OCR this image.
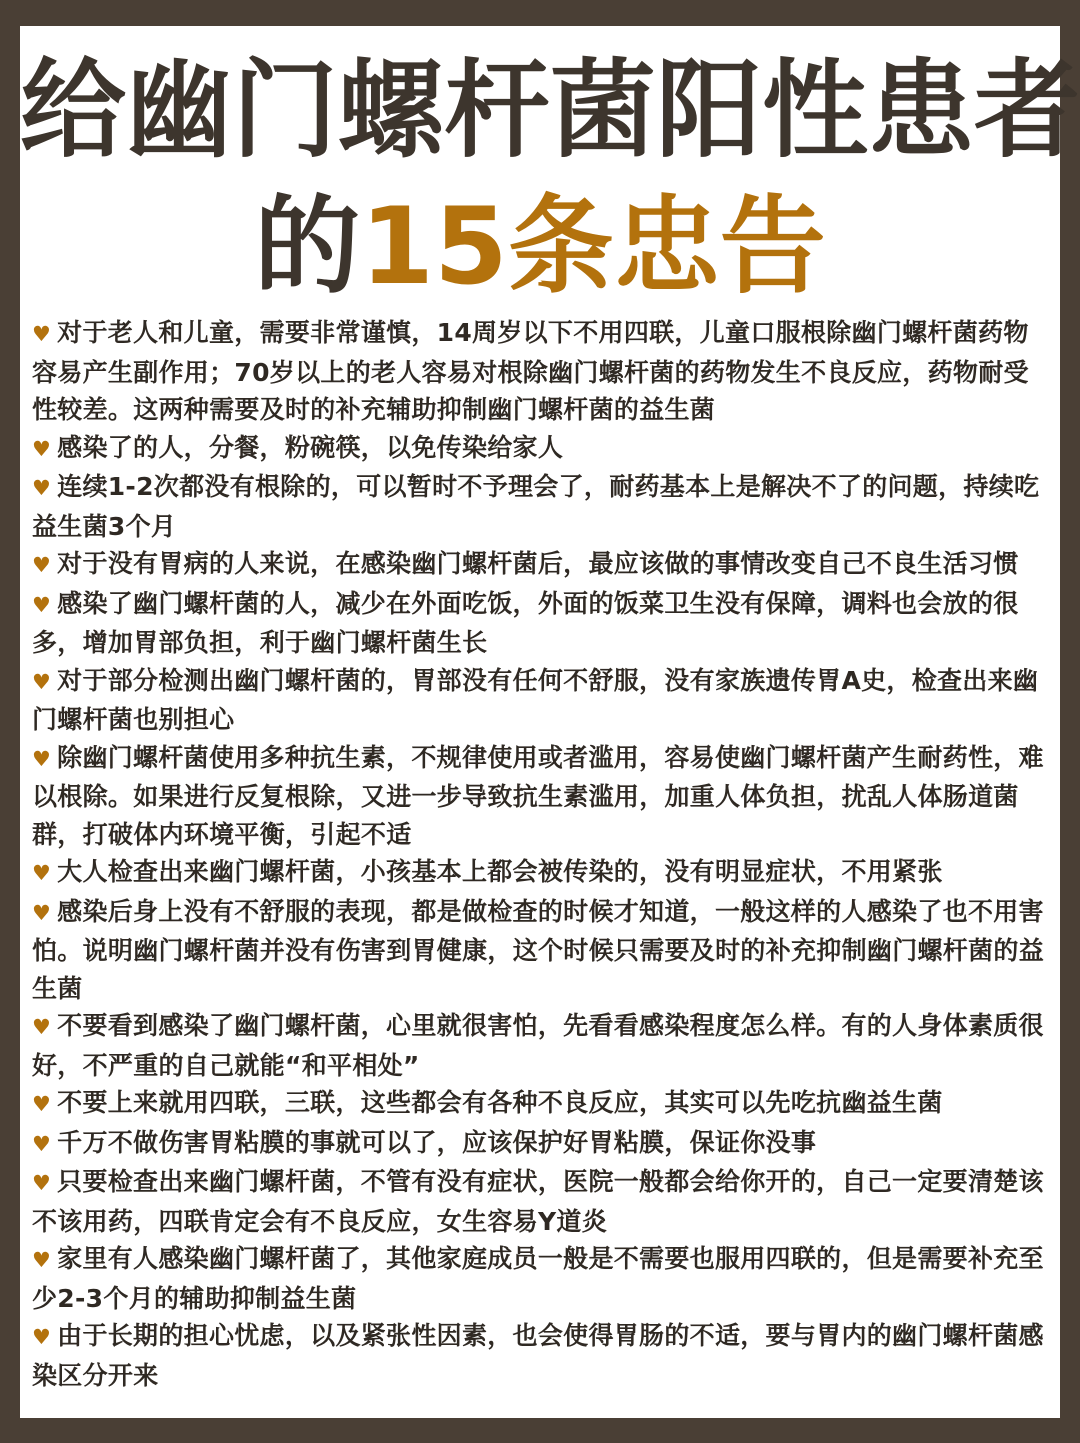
给幽门螺杆菌阳性患者
的15条忠告
♥ 对于老人和儿童，需要非常谨慎，14周岁以下不用四联，儿童口服根除幽门螺杆菌药物容易产生副作用；70岁以上的老人容易对根除幽门螺杆菌的药物发生不良反应，药物耐受性较差。这两种需要及时的补充辅助抑制幽门螺杆菌的益生菌
♥ 感染了的人，分餐，粉碗筷，以免传染给家人
♥ 连续1-2次都没有根除的，可以暂时不予理会了，耐药基本上是解决不了的问题，持续吃益生菌3个月
♥ 对于没有胃病的人来说，在感染幽门螺杆菌后，最应该做的事情改变自己不良生活习惯
♥ 感染了幽门螺杆菌的人，减少在外面吃饭，外面的饭菜卫生没有保障，调料也会放的很多，增加胃部负担，利于幽门螺杆菌生长
♥ 对于部分检测出幽门螺杆菌的，胃部没有任何不舒服，没有家族遗传胃A史，检查出来幽门螺杆菌也别担心
♥ 除幽门螺杆菌使用多种抗生素，不规律使用或者滥用，容易使幽门螺杆菌产生耐药性，难以根除。如果进行反复根除，又进一步导致抗生素滥用，加重人体负担，扰乱人体肠道菌群，打破体内环境平衡，引起不适
♥ 大人检查出来幽门螺杆菌，小孩基本上都会被传染的，没有明显症状，不用紧张
♥ 感染后身上没有不舒服的表现，都是做检查的时候才知道，一般这样的人感染了也不用害怕。说明幽门螺杆菌并没有伤害到胃健康，这个时候只需要及时的补充抑制幽门螺杆菌的益生菌
♥ 不要看到感染了幽门螺杆菌，心里就很害怕，先看看感染程度怎么样。有的人身体素质很好，不严重的自己就能“和平相处”
♥ 不要上来就用四联，三联，这些都会有各种不良反应，其实可以先吃抗幽益生菌
♥ 千万不做伤害胃粘膜的事就可以了，应该保护好胃粘膜，保证你没事
♥ 只要检查出来幽门螺杆菌，不管有没有症状，医院一般都会给你开的，自己一定要清楚该不该用药，四联肯定会有不良反应，女生容易Y道炎
♥ 家里有人感染幽门螺杆菌了，其他家庭成员一般是不需要也服用四联的，但是需要补充至少2-3个月的辅助抑制益生菌
♥ 由于长期的担心忧虑，以及紧张性因素，也会使得胃肠的不适，要与胃内的幽门螺杆菌感染区分开来
